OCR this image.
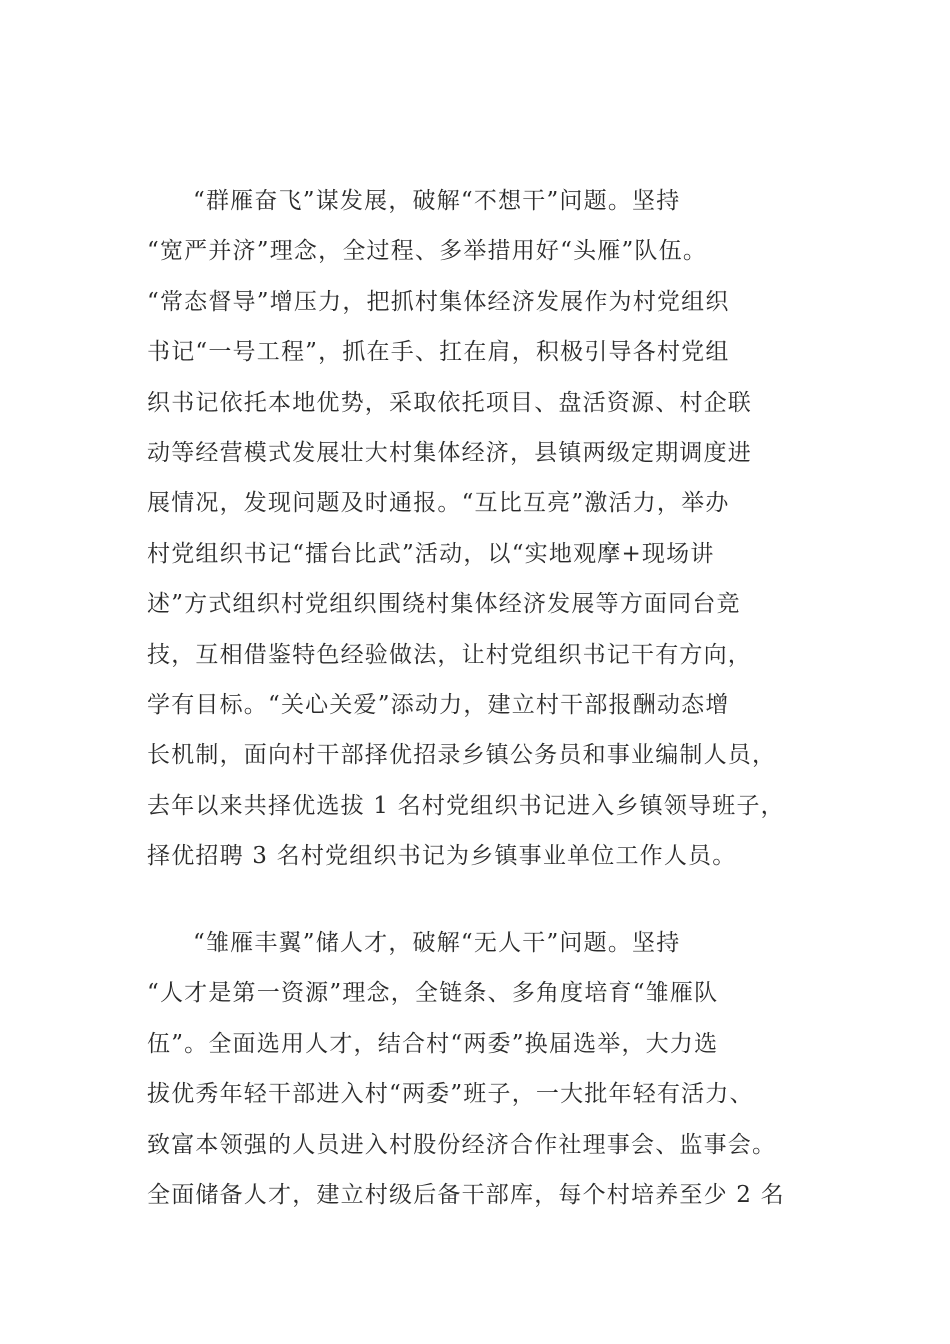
“群雁奋飞”谋发展，破解“不想干”问题。坚持
“宽严并济”理念，全过程、多举措用好“头雁”队伍。
“常态督导”增压力，把抓村集体经济发展作为村党组织
书记“一号工程”，抓在手、扛在肩，积极引导各村党组
织书记依托本地优势，采取依托项目、盘活资源、村企联
动等经营模式发展壮大村集体经济，县镇两级定期调度进
展情况，发现问题及时通报。“互比互亮”激活力，举办
村党组织书记“擂台比武”活动，以“实地观摩+现场讲
述”方式组织村党组织围绕村集体经济发展等方面同台竞
技，互相借鉴特色经验做法，让村党组织书记干有方向，
学有目标。“关心关爱”添动力，建立村干部报酬动态增
长机制，面向村干部择优招录乡镇公务员和事业编制人员，
去年以来共择优选拔 1 名村党组织书记进入乡镇领导班子，
择优招聘 3 名村党组织书记为乡镇事业单位工作人员。
“雏雁丰翼”储人才，破解“无人干”问题。坚持
“人才是第一资源”理念，全链条、多角度培育“雏雁队
伍”。全面选用人才，结合村“两委”换届选举，大力选
拔优秀年轻干部进入村“两委”班子，一大批年轻有活力、
致富本领强的人员进入村股份经济合作社理事会、监事会。
全面储备人才，建立村级后备干部库，每个村培养至少 2 名
